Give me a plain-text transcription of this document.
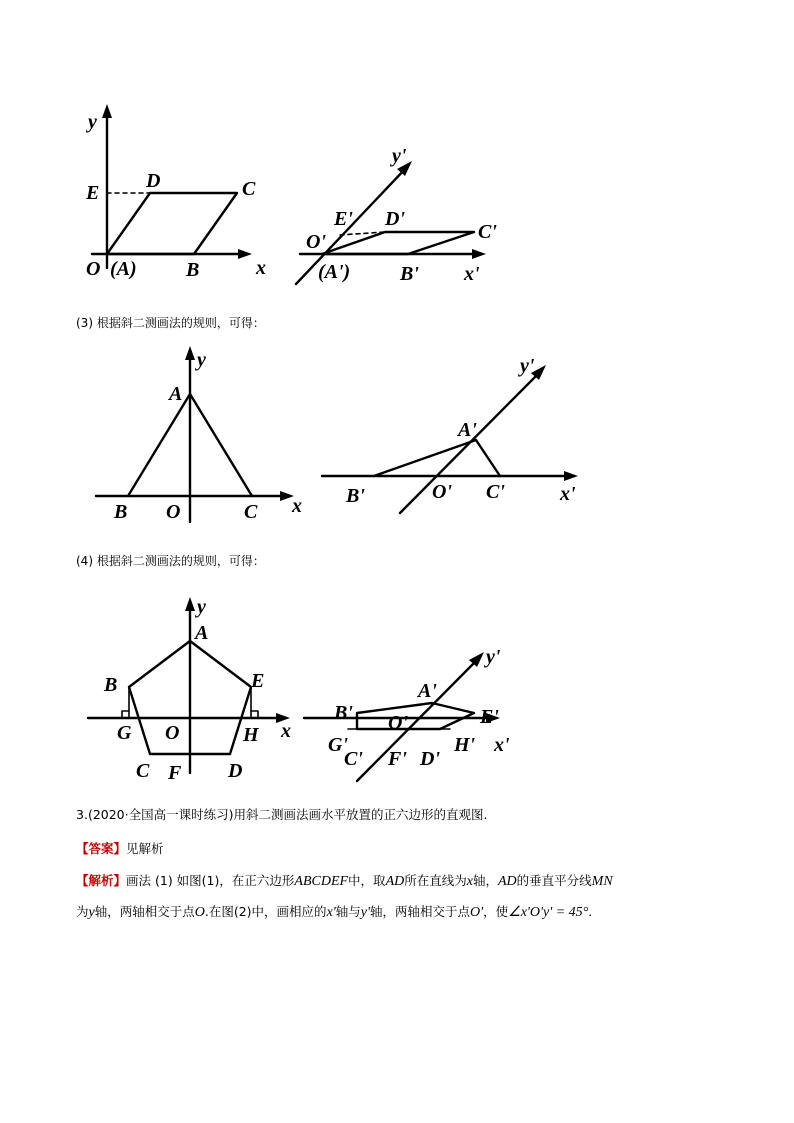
y
E
D	C
O (A) B	x
y'
E' D'
C'
O'
(A') B' x'
(3) 根据斜二测画法的规则，可得：
y
A
B O	C x
y'
A'
B'	O' C'	x'
(4) 根据斜二测画法的规则，可得：
y
A
B	E
G O	H x
C F D
y'
A'
B' O'	E'
G'
C' F' D'
H' x'
3.(2020·全国高一课时练习)用斜二测画法画水平放置的正六边形的直观图.
【答案】见解析
【解析】画法 (1) 如图(1)，在正六边形ABCDEF中，取AD所在直线为x轴，AD的垂直平分线MN
为y轴，两轴相交于点O.在图(2)中，画相应的x'轴与y'轴，两轴相交于点O'，使∠x'O'y' = 45°.
